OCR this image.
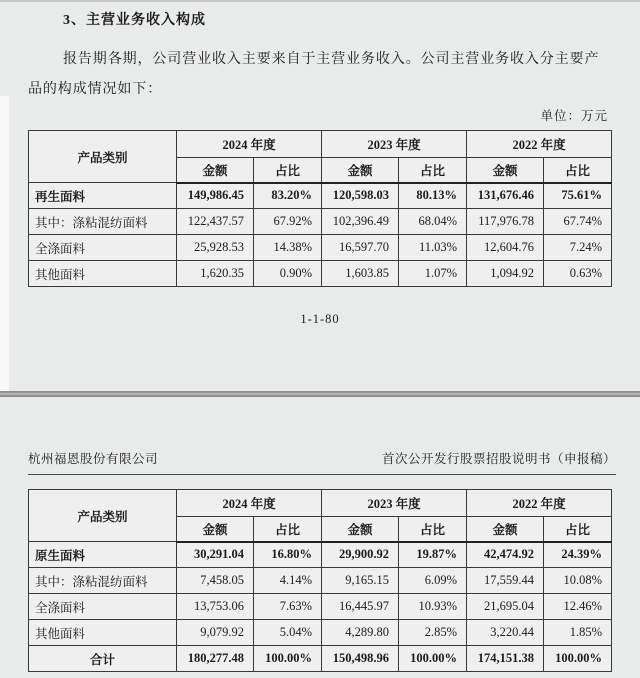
3、主营业务收入构成
报告期各期，公司营业收入主要来自于主营业务收入。公司主营业务收入分主要产
品的构成情况如下：
单位：万元
产品类别	2024 年度		2023 年度		2022 年度	
	金额	占比	金额	占比	金额	占比
再生面料	149,986.45	83.20%	120,598.03	80.13%	131,676.46	75.61%
其中：涤粘混纺面料	122,437.57	67.92%	102,396.49	68.04%	117,976.78	67.74%
全涤面料	25,928.53	14.38%	16,597.70	11.03%	12,604.76	7.24%
其他面料	1,620.35	0.90%	1,603.85	1.07%	1,094.92	0.63%
1-1-80
杭州福恩股份有限公司	首次公开发行股票招股说明书（申报稿）
产品类别	2024 年度		2023 年度		2022 年度	
	金额	占比	金额	占比	金额	占比
原生面料	30,291.04	16.80%	29,900.92	19.87%	42,474.92	24.39%
其中：涤粘混纺面料	7,458.05	4.14%	9,165.15	6.09%	17,559.44	10.08%
全涤面料	13,753.06	7.63%	16,445.97	10.93%	21,695.04	12.46%
其他面料	9,079.92	5.04%	4,289.80	2.85%	3,220.44	1.85%
合计	180,277.48	100.00%	150,498.96	100.00%	174,151.38	100.00%
